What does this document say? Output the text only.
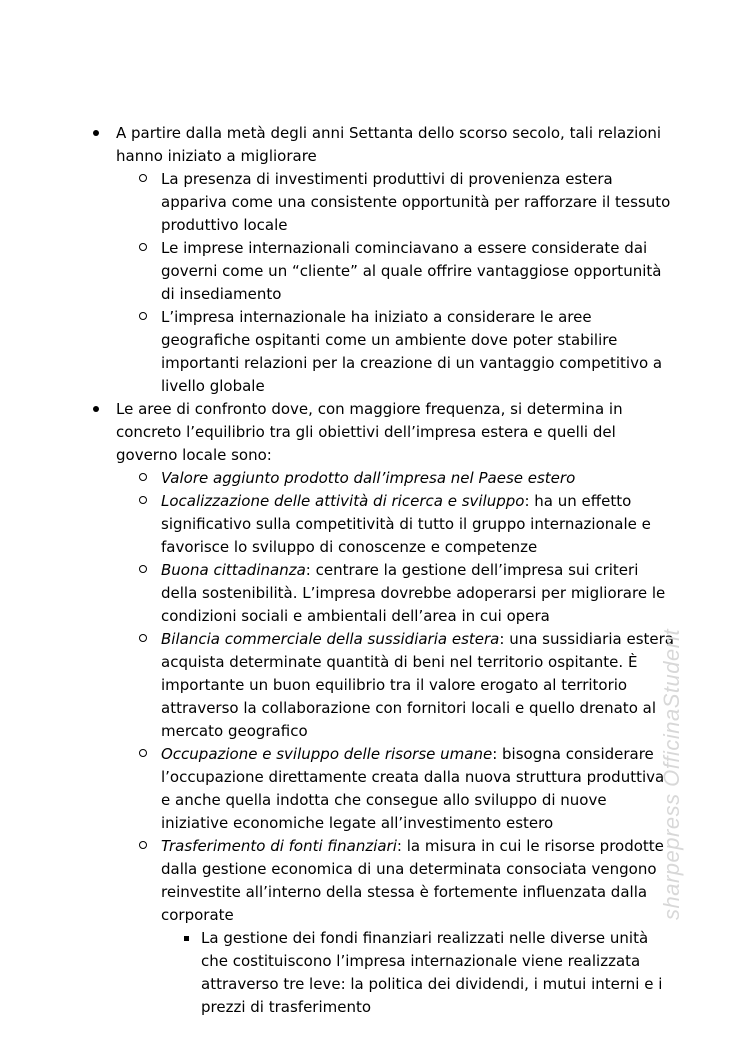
A partire dalla metà degli anni Settanta dello scorso secolo, tali relazioni hanno iniziato a migliorare
La presenza di investimenti produttivi di provenienza estera appariva come una consistente opportunità per rafforzare il tessuto produttivo locale
Le imprese internazionali cominciavano a essere considerate dai governi come un “cliente” al quale offrire vantaggiose opportunità di insediamento
L’impresa internazionale ha iniziato a considerare le aree geografiche ospitanti come un ambiente dove poter stabilire importanti relazioni per la creazione di un vantaggio competitivo a livello globale
Le aree di confronto dove, con maggiore frequenza, si determina in concreto l’equilibrio tra gli obiettivi dell’impresa estera e quelli del governo locale sono:
Valore aggiunto prodotto dall’impresa nel Paese estero
Localizzazione delle attività di ricerca e sviluppo: ha un effetto significativo sulla competitività di tutto il gruppo internazionale e favorisce lo sviluppo di conoscenze e competenze
Buona cittadinanza: centrare la gestione dell’impresa sui criteri della sostenibilità. L’impresa dovrebbe adoperarsi per migliorare le condizioni sociali e ambientali dell’area in cui opera
Bilancia commerciale della sussidiaria estera: una sussidiaria estera acquista determinate quantità di beni nel territorio ospitante. È importante un buon equilibrio tra il valore erogato al territorio attraverso la collaborazione con fornitori locali e quello drenato al mercato geografico
Occupazione e sviluppo delle risorse umane: bisogna considerare l’occupazione direttamente creata dalla nuova struttura produttiva e anche quella indotta che consegue allo sviluppo di nuove iniziative economiche legate all’investimento estero
Trasferimento di fonti finanziari: la misura in cui le risorse prodotte dalla gestione economica di una determinata consociata vengono reinvestite all’interno della stessa è fortemente influenzata dalla corporate
La gestione dei fondi finanziari realizzati nelle diverse unità che costituiscono l’impresa internazionale viene realizzata attraverso tre leve: la politica dei dividendi, i mutui interni e i prezzi di trasferimento
sharpepress OfficinaStudent
